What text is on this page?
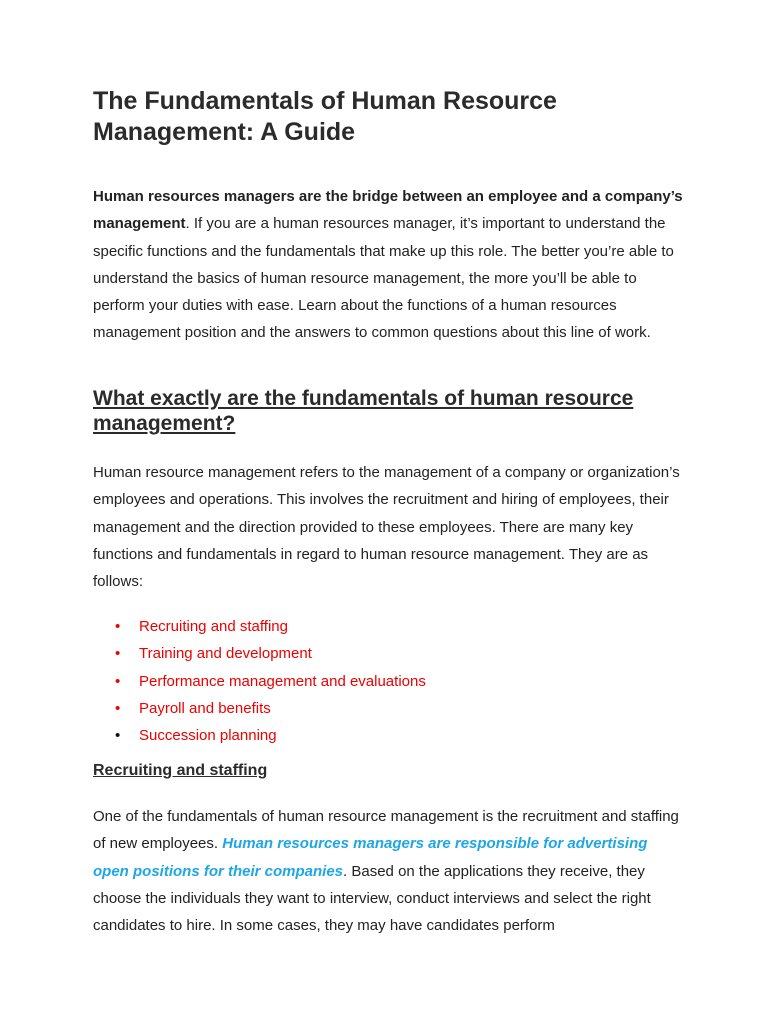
The Fundamentals of Human Resource Management: A Guide

Human resources managers are the bridge between an employee and a company’s management. If you are a human resources manager, it’s important to understand the specific functions and the fundamentals that make up this role. The better you’re able to understand the basics of human resource management, the more you’ll be able to perform your duties with ease. Learn about the functions of a human resources management position and the answers to common questions about this line of work.

What exactly are the fundamentals of human resource management?

Human resource management refers to the management of a company or organization’s employees and operations. This involves the recruitment and hiring of employees, their management and the direction provided to these employees. There are many key functions and fundamentals in regard to human resource management. They are as follows:

• Recruiting and staffing
• Training and development
• Performance management and evaluations
• Payroll and benefits
• Succession planning
Recruiting and staffing

One of the fundamentals of human resource management is the recruitment and staffing of new employees. Human resources managers are responsible for advertising open positions for their companies. Based on the applications they receive, they choose the individuals they want to interview, conduct interviews and select the right candidates to hire. In some cases, they may have candidates perform
